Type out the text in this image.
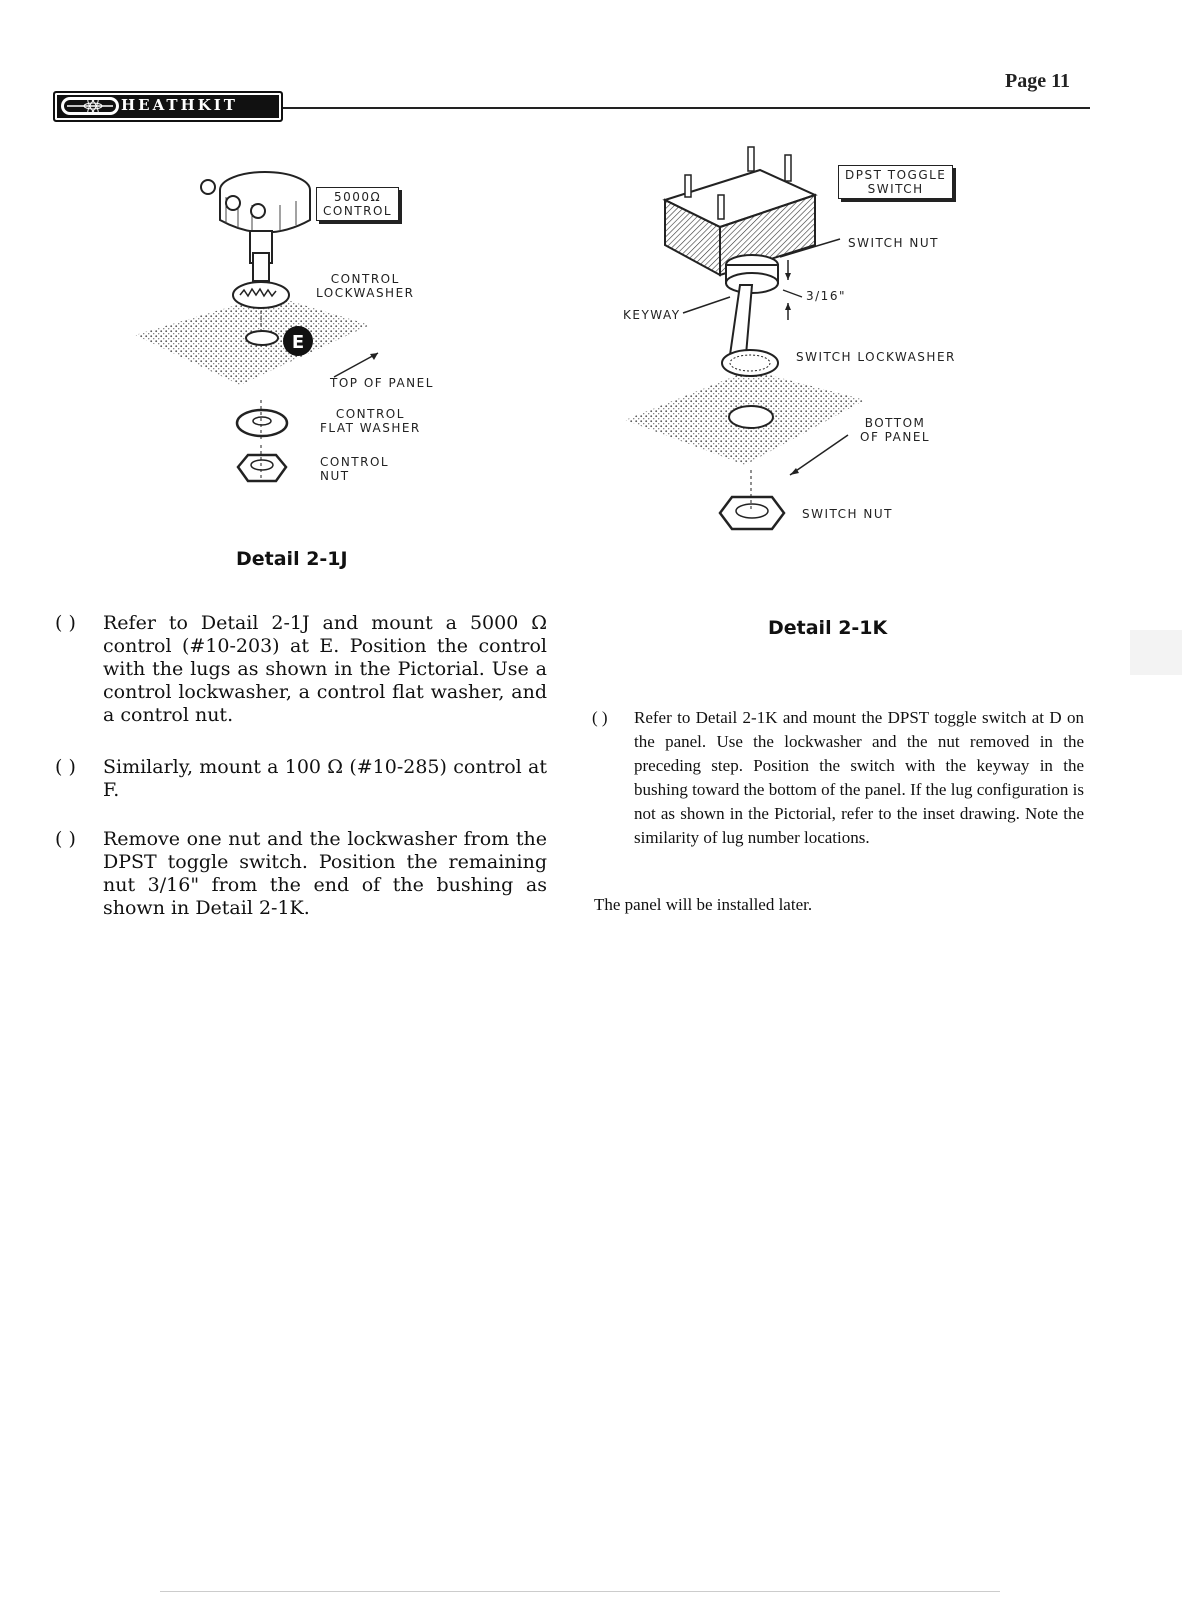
Page 11
HEATHKIT
E
5000Ω
CONTROL
CONTROL
LOCKWASHER
TOP OF PANEL
CONTROL
FLAT WASHER
CONTROL
NUT
Detail 2-1J
DPST TOGGLE
SWITCH
SWITCH NUT
3/16"
KEYWAY
SWITCH LOCKWASHER
BOTTOM
OF PANEL
SWITCH NUT
Detail 2-1K
( ) Refer to Detail 2-1J and mount a 5000 Ω control (#10-203) at E. Position the control with the lugs as shown in the Pictorial. Use a control lockwasher, a control flat washer, and a control nut.
( ) Similarly, mount a 100 Ω (#10-285) control at F.
( ) Remove one nut and the lockwasher from the DPST toggle switch. Position the remaining nut 3/16" from the end of the bushing as shown in Detail 2-1K.
( ) Refer to Detail 2-1K and mount the DPST toggle switch at D on the panel. Use the lockwasher and the nut removed in the preceding step. Position the switch with the keyway in the bushing toward the bottom of the panel. If the lug configuration is not as shown in the Pictorial, refer to the inset drawing. Note the similarity of lug number locations.
The panel will be installed later.
